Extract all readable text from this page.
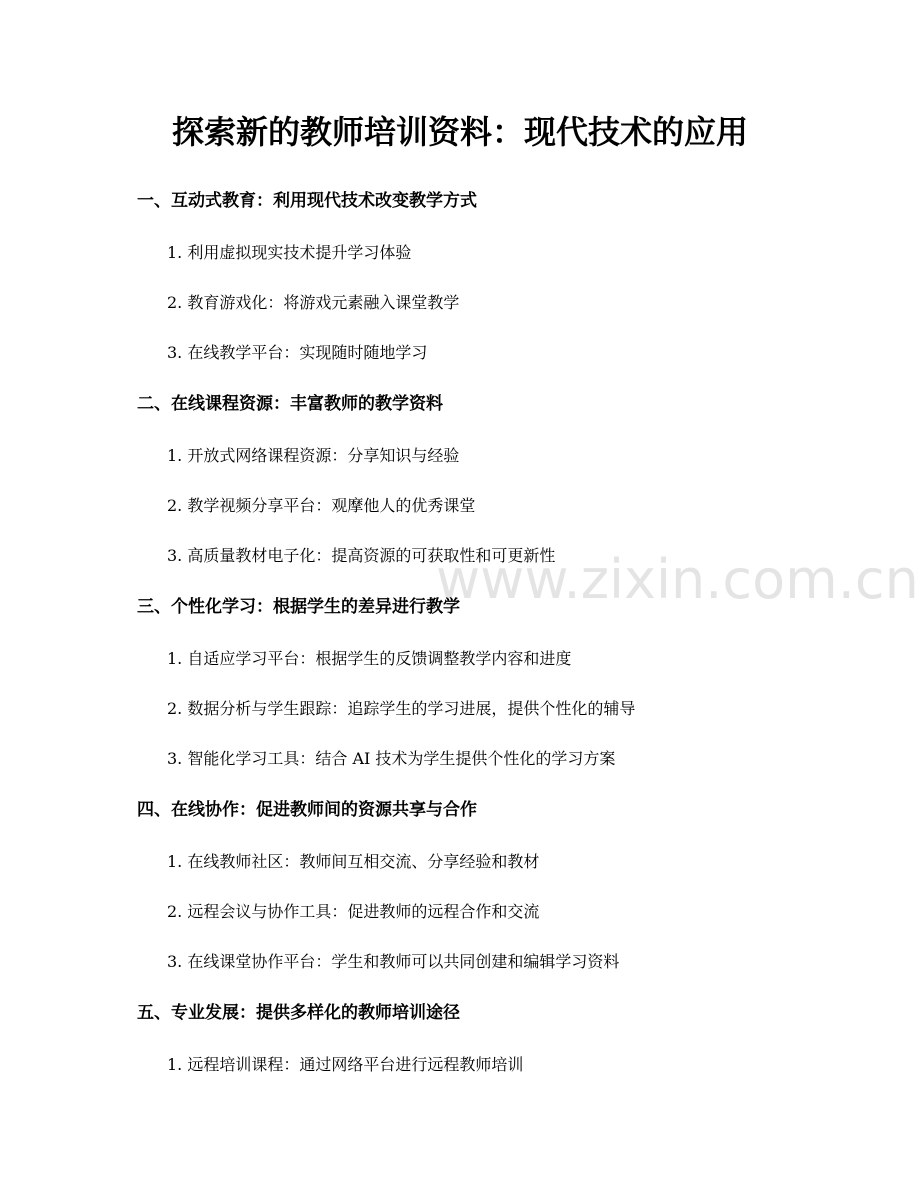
www.zixin.com.cn
探索新的教师培训资料：现代技术的应用
一、互动式教育：利用现代技术改变教学方式
1. 利用虚拟现实技术提升学习体验
2. 教育游戏化：将游戏元素融入课堂教学
3. 在线教学平台：实现随时随地学习
二、在线课程资源：丰富教师的教学资料
1. 开放式网络课程资源：分享知识与经验
2. 教学视频分享平台：观摩他人的优秀课堂
3. 高质量教材电子化：提高资源的可获取性和可更新性
三、个性化学习：根据学生的差异进行教学
1. 自适应学习平台：根据学生的反馈调整教学内容和进度
2. 数据分析与学生跟踪：追踪学生的学习进展，提供个性化的辅导
3. 智能化学习工具：结合 AI 技术为学生提供个性化的学习方案
四、在线协作：促进教师间的资源共享与合作
1. 在线教师社区：教师间互相交流、分享经验和教材
2. 远程会议与协作工具：促进教师的远程合作和交流
3. 在线课堂协作平台：学生和教师可以共同创建和编辑学习资料
五、专业发展：提供多样化的教师培训途径
1. 远程培训课程：通过网络平台进行远程教师培训
